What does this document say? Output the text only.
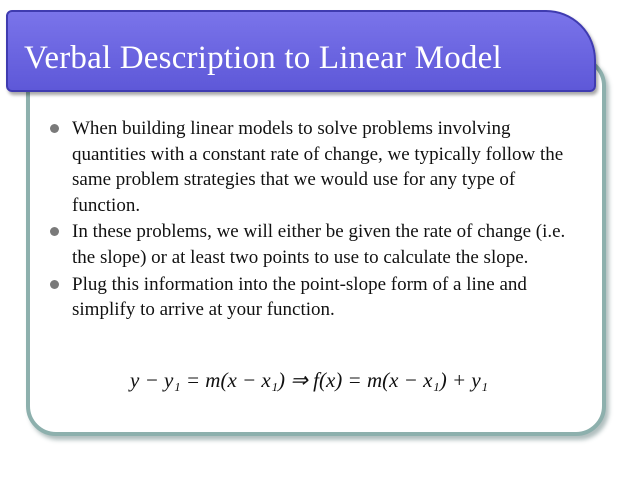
Verbal Description to Linear Model
When building linear models to solve problems involving quantities with a constant rate of change, we typically follow the same problem strategies that we would use for any type of function.
In these problems, we will either be given the rate of change (i.e. the slope) or at least two points to use to calculate the slope.
Plug this information into the point-slope form of a line and simplify to arrive at your function.
y − y₁ = m(x − x₁) ⇒ f(x) = m(x − x₁) + y₁
